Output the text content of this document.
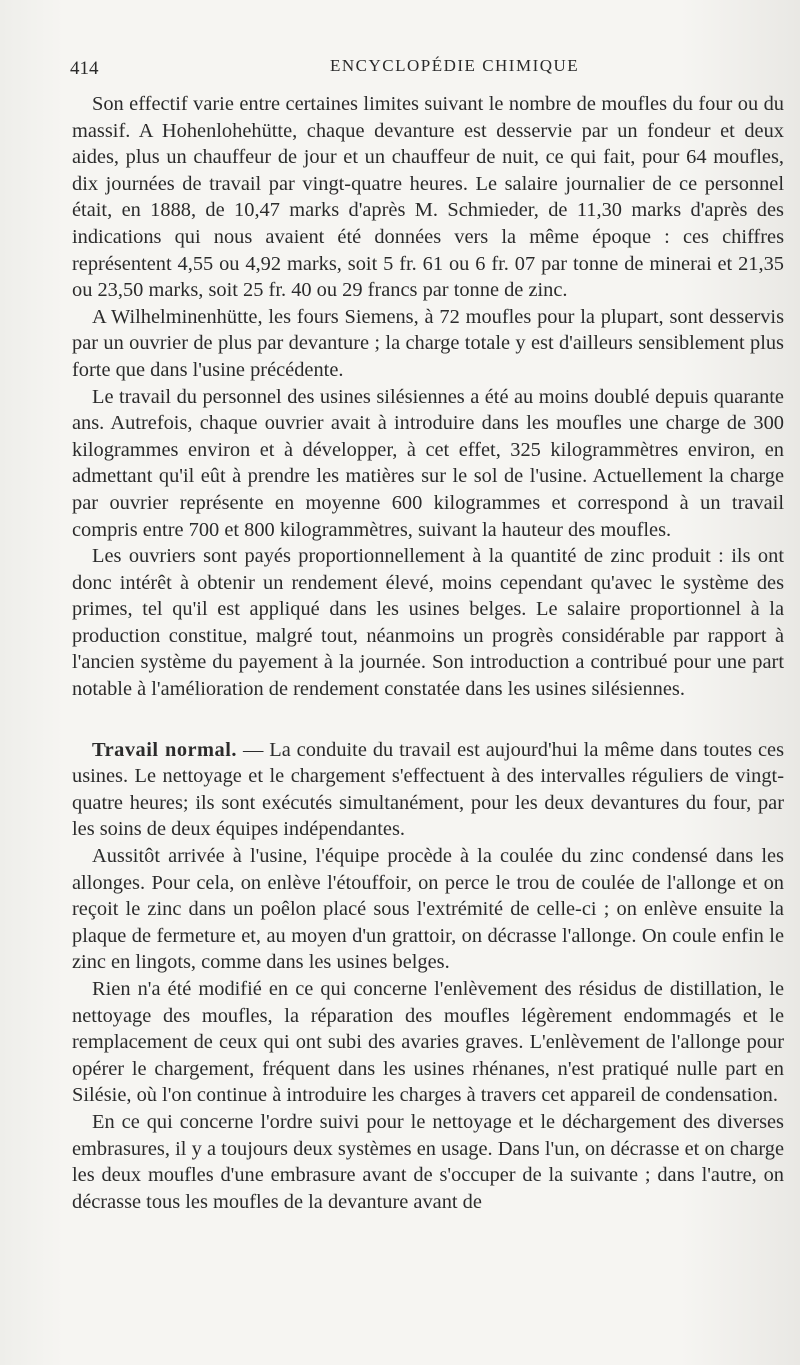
414	ENCYCLOPÉDIE CHIMIQUE

Son effectif varie entre certaines limites suivant le nombre de moufles du four ou du massif. A Hohenlohehütte, chaque devanture est desservie par un fondeur et deux aides, plus un chauffeur de jour et un chauffeur de nuit, ce qui fait, pour 64 moufles, dix journées de travail par vingt-quatre heures. Le salaire journalier de ce personnel était, en 1888, de 10,47 marks d'après M. Schmieder, de 11,30 marks d'après des indications qui nous avaient été données vers la même époque : ces chiffres représentent 4,55 ou 4,92 marks, soit 5 fr. 61 ou 6 fr. 07 par tonne de minerai et 21,35 ou 23,50 marks, soit 25 fr. 40 ou 29 francs par tonne de zinc.

A Wilhelminenhütte, les fours Siemens, à 72 moufles pour la plupart, sont desservis par un ouvrier de plus par devanture ; la charge totale y est d'ailleurs sensiblement plus forte que dans l'usine précédente.

Le travail du personnel des usines silésiennes a été au moins doublé depuis quarante ans. Autrefois, chaque ouvrier avait à introduire dans les moufles une charge de 300 kilogrammes environ et à développer, à cet effet, 325 kilogrammètres environ, en admettant qu'il eût à prendre les matières sur le sol de l'usine. Actuellement la charge par ouvrier représente en moyenne 600 kilogrammes et correspond à un travail compris entre 700 et 800 kilogrammètres, suivant la hauteur des moufles.

Les ouvriers sont payés proportionnellement à la quantité de zinc produit : ils ont donc intérêt à obtenir un rendement élevé, moins cependant qu'avec le système des primes, tel qu'il est appliqué dans les usines belges. Le salaire proportionnel à la production constitue, malgré tout, néanmoins un progrès considérable par rapport à l'ancien système du payement à la journée. Son introduction a contribué pour une part notable à l'amélioration de rendement constatée dans les usines silésiennes.

Travail normal. — La conduite du travail est aujourd'hui la même dans toutes ces usines. Le nettoyage et le chargement s'effectuent à des intervalles réguliers de vingt-quatre heures; ils sont exécutés simultanément, pour les deux devantures du four, par les soins de deux équipes indépendantes.

Aussitôt arrivée à l'usine, l'équipe procède à la coulée du zinc condensé dans les allonges. Pour cela, on enlève l'étouffoir, on perce le trou de coulée de l'allonge et on reçoit le zinc dans un poêlon placé sous l'extrémité de celle-ci ; on enlève ensuite la plaque de fermeture et, au moyen d'un grattoir, on décrasse l'allonge. On coule enfin le zinc en lingots, comme dans les usines belges.

Rien n'a été modifié en ce qui concerne l'enlèvement des résidus de distillation, le nettoyage des moufles, la réparation des moufles légèrement endommagés et le remplacement de ceux qui ont subi des avaries graves. L'enlèvement de l'allonge pour opérer le chargement, fréquent dans les usines rhénanes, n'est pratiqué nulle part en Silésie, où l'on continue à introduire les charges à travers cet appareil de condensation.

En ce qui concerne l'ordre suivi pour le nettoyage et le déchargement des diverses embrasures, il y a toujours deux systèmes en usage. Dans l'un, on décrasse et on charge les deux moufles d'une embrasure avant de s'occuper de la suivante ; dans l'autre, on décrasse tous les moufles de la devanture avant de
